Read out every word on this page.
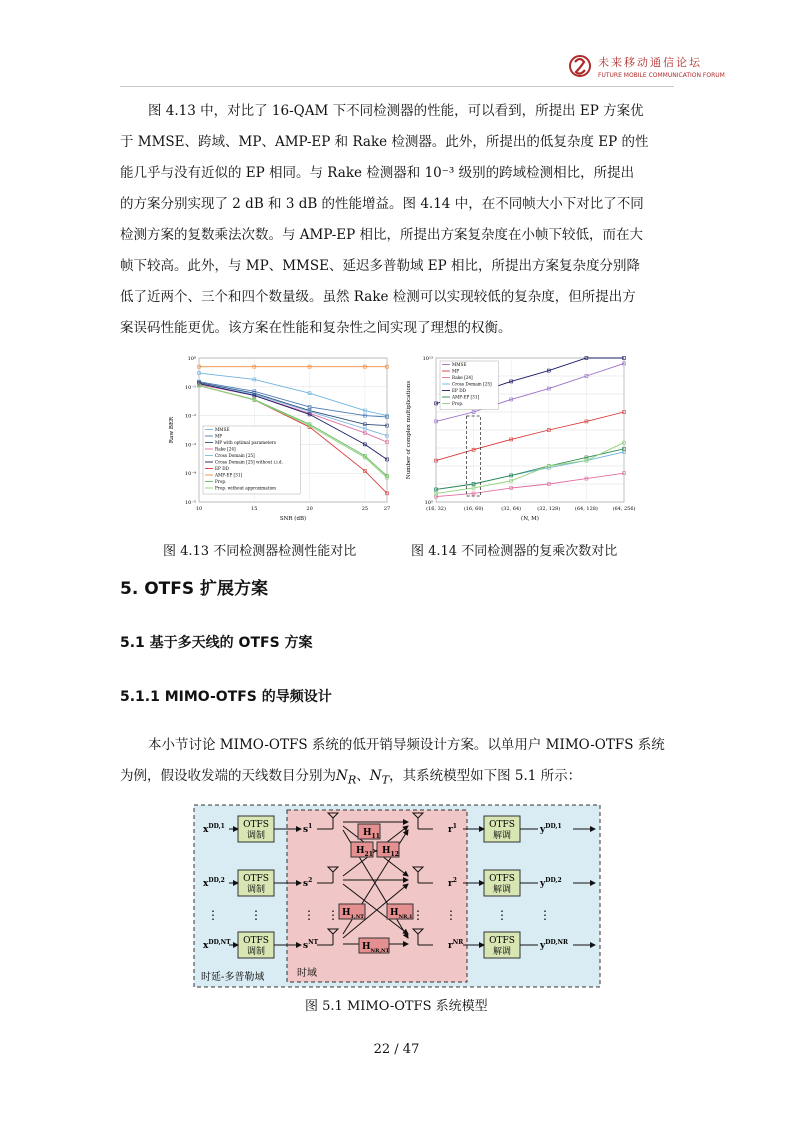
未来移动通信论坛
FUTURE MOBILE COMMUNICATION FORUM

图 4.13 中，对比了 16-QAM 下不同检测器的性能，可以看到，所提出 EP 方案优

于 MMSE、跨域、MP、AMP-EP 和 Rake 检测器。此外，所提出的低复杂度 EP 的性

能几乎与没有近似的 EP 相同。与 Rake 检测器和 10⁻³ 级别的跨域检测相比，所提出

的方案分别实现了 2 dB 和 3 dB 的性能增益。图 4.14 中，在不同帧大小下对比了不同

检测方案的复数乘法次数。与 AMP-EP 相比，所提出方案复杂度在小帧下较低，而在大

帧下较高。此外，与 MP、MMSE、延迟多普勒域 EP 相比，所提出方案复杂度分别降

低了近两个、三个和四个数量级。虽然 Rake 检测可以实现较低的复杂度，但所提出方

案误码性能更优。该方案在性能和复杂性之间实现了理想的权衡。

10	15	20	25	27
10⁰
10⁻¹
10⁻²
10⁻³
10⁻⁴
10⁻⁵
SNR (dB)
Raw BER	MMSE
MP
MP with optimal parameters
Rake [24]
Cross Domain [25]
Cross Domain [25] without i.i.d.
EP DD
AMP-EP [31]
Prop.
Prop. without approximation
(16, 32)	(16, 60)	(32, 64)	(32, 128)	(64, 128)	(64, 256)
10¹³
10⁵
(N, M)
Number of complex multiplications
MMSE
MP
Rake [24]
Cross Domain [25]
EP DD
AMP-EP [31]
Prop.
图 4.13 不同检测器检测性能对比	图 4.14 不同检测器的复乘次数对比
5. OTFS 扩展方案
5.1 基于多天线的 OTFS 方案
5.1.1 MIMO-OTFS 的导频设计

本小节讨论 MIMO-OTFS 系统的低开销导频设计方案。以单用户 MIMO-OTFS 系统

为例，假设收发端的天线数目分别为$N_R$、$N_T$，其系统模型如下图 5.1 所示：

OTFS
调制
OTFS
调制
OTFS
调制
OTFS
解调
OTFS
解调
OTFS
解调
$x^{DD,1}$
$x^{DD,2}$
$x^{DD,NT}$
$s^1$
$s^2$
$s^{NT}$
$H_{11}$
$H_{21}$ $H_{12}$
$H_{1,NT}$	$H_{NR,1}$
$H_{NR,NT}$
$r^1$
$r^2$
$r^{NR}$
$y^{DD,1}$
$y^{DD,2}$
$y^{DD,NR}$
⋮	⋮	⋮ ⋮	⋮ ⋮	⋮	⋮
时延-多普勒域	时域
图 5.1 MIMO-OTFS 系统模型
22 / 47
